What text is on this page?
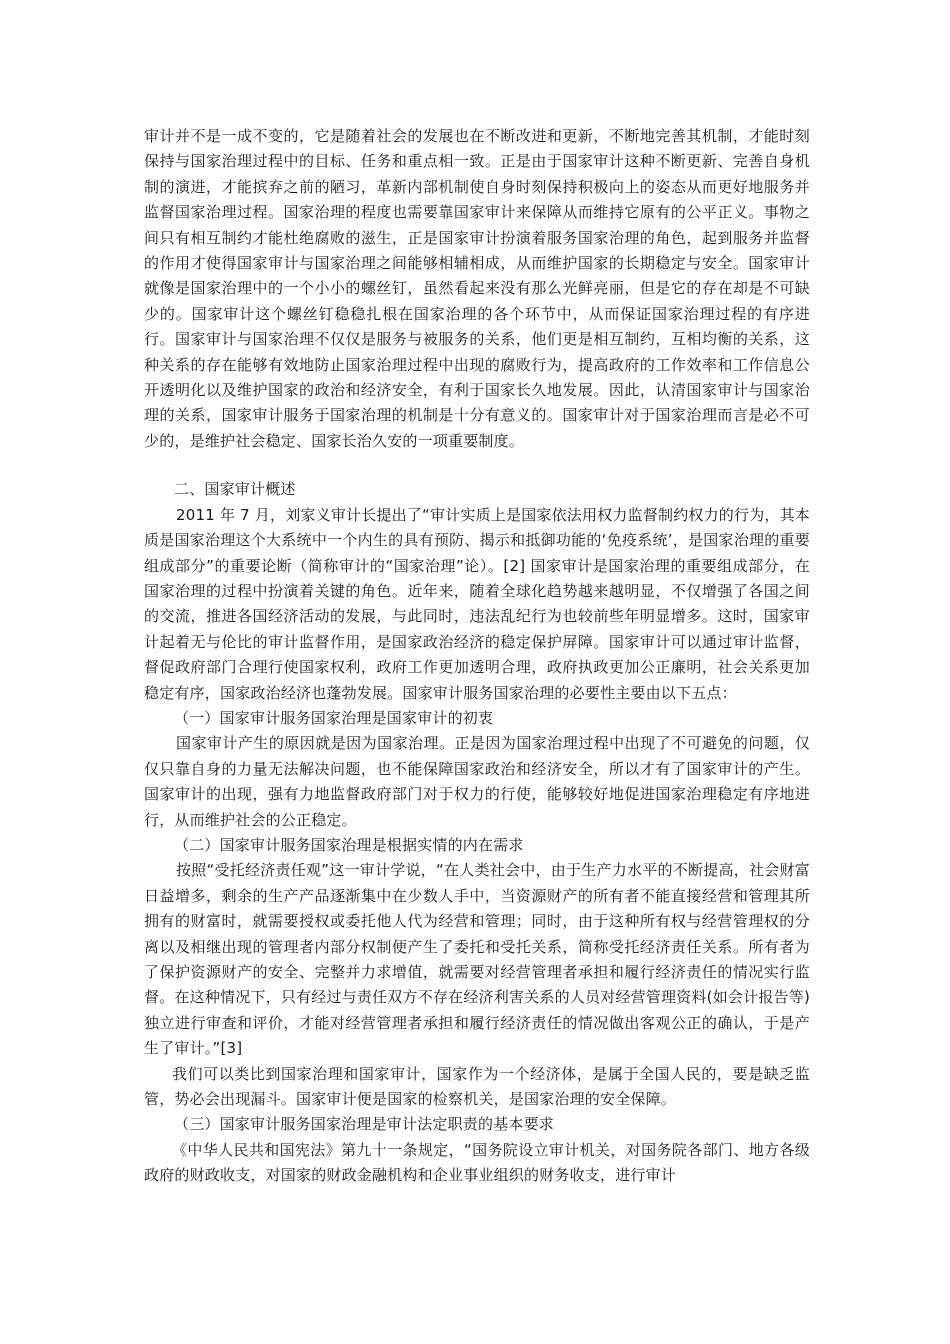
审计并不是一成不变的，它是随着社会的发展也在不断改进和更新，不断地完善其机制，才能时刻保持与国家治理过程中的目标、任务和重点相一致。正是由于国家审计这种不断更新、完善自身机制的演进，才能摈弃之前的陋习，革新内部机制使自身时刻保持积极向上的姿态从而更好地服务并监督国家治理过程。国家治理的程度也需要靠国家审计来保障从而维持它原有的公平正义。事物之间只有相互制约才能杜绝腐败的滋生，正是国家审计扮演着服务国家治理的角色，起到服务并监督的作用才使得国家审计与国家治理之间能够相辅相成，从而维护国家的长期稳定与安全。国家审计就像是国家治理中的一个小小的螺丝钉，虽然看起来没有那么光鲜亮丽，但是它的存在却是不可缺少的。国家审计这个螺丝钉稳稳扎根在国家治理的各个环节中，从而保证国家治理过程的有序进行。国家审计与国家治理不仅仅是服务与被服务的关系，他们更是相互制约，互相均衡的关系，这种关系的存在能够有效地防止国家治理过程中出现的腐败行为，提高政府的工作效率和工作信息公开透明化以及维护国家的政治和经济安全，有利于国家长久地发展。因此，认清国家审计与国家治理的关系，国家审计服务于国家治理的机制是十分有意义的。国家审计对于国家治理而言是必不可少的，是维护社会稳定、国家长治久安的一项重要制度。

二、国家审计概述

2011 年 7 月，刘家义审计长提出了“审计实质上是国家依法用权力监督制约权力的行为，其本质是国家治理这个大系统中一个内生的具有预防、揭示和抵御功能的‘免疫系统’，是国家治理的重要组成部分”的重要论断（简称审计的“国家治理”论）。[2] 国家审计是国家治理的重要组成部分，在国家治理的过程中扮演着关键的角色。近年来，随着全球化趋势越来越明显，不仅增强了各国之间的交流，推进各国经济活动的发展，与此同时，违法乱纪行为也较前些年明显增多。这时，国家审计起着无与伦比的审计监督作用，是国家政治经济的稳定保护屏障。国家审计可以通过审计监督，督促政府部门合理行使国家权利，政府工作更加透明合理，政府执政更加公正廉明，社会关系更加稳定有序，国家政治经济也蓬勃发展。国家审计服务国家治理的必要性主要由以下五点：

（一）国家审计服务国家治理是国家审计的初衷

国家审计产生的原因就是因为国家治理。正是因为国家治理过程中出现了不可避免的问题，仅仅只靠自身的力量无法解决问题，也不能保障国家政治和经济安全，所以才有了国家审计的产生。国家审计的出现，强有力地监督政府部门对于权力的行使，能够较好地促进国家治理稳定有序地进行，从而维护社会的公正稳定。

（二）国家审计服务国家治理是根据实情的内在需求

按照“受托经济责任观”这一审计学说，“在人类社会中，由于生产力水平的不断提高，社会财富日益增多，剩余的生产产品逐渐集中在少数人手中，当资源财产的所有者不能直接经营和管理其所拥有的财富时，就需要授权或委托他人代为经营和管理；同时，由于这种所有权与经营管理权的分离以及相继出现的管理者内部分权制便产生了委托和受托关系，简称受托经济责任关系。所有者为了保护资源财产的安全、完整并力求增值，就需要对经营管理者承担和履行经济责任的情况实行监督。在这种情况下，只有经过与责任双方不存在经济利害关系的人员对经营管理资料(如会计报告等)独立进行审查和评价，才能对经营管理者承担和履行经济责任的情况做出客观公正的确认，于是产生了审计。”[3]

我们可以类比到国家治理和国家审计，国家作为一个经济体，是属于全国人民的，要是缺乏监管，势必会出现漏斗。国家审计便是国家的检察机关，是国家治理的安全保障。

（三）国家审计服务国家治理是审计法定职责的基本要求

《中华人民共和国宪法》第九十一条规定，“国务院设立审计机关，对国务院各部门、地方各级政府的财政收支，对国家的财政金融机构和企业事业组织的财务收支，进行审计
